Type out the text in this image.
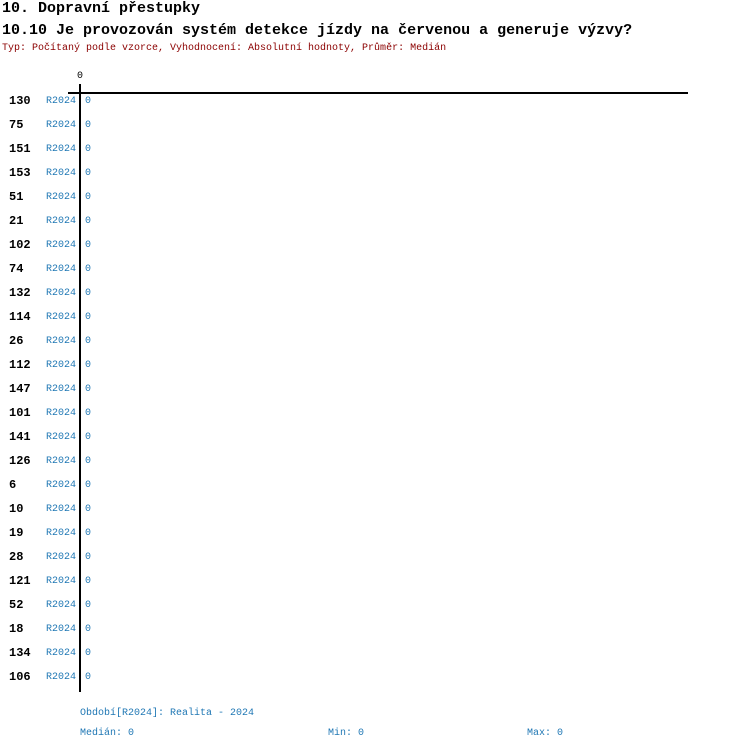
10. Dopravní přestupky
10.10 Je provozován systém detekce jízdy na červenou a generuje výzvy?
Typ: Počítaný podle vzorce, Vyhodnocení: Absolutní hodnoty, Průměr: Medián
0
130 R2024 0
75 R2024 0
151 R2024 0
153 R2024 0
51 R2024 0
21 R2024 0
102 R2024 0
74 R2024 0
132 R2024 0
114 R2024 0
26 R2024 0
112 R2024 0
147 R2024 0
101 R2024 0
141 R2024 0
126 R2024 0
6	R2024 0
10 R2024 0
19 R2024 0
28 R2024 0
121 R2024 0
52 R2024 0
18 R2024 0
134 R2024 0
106 R2024 0
Období[R2024]: Realita - 2024
Medián: 0	Min: 0	Max: 0
